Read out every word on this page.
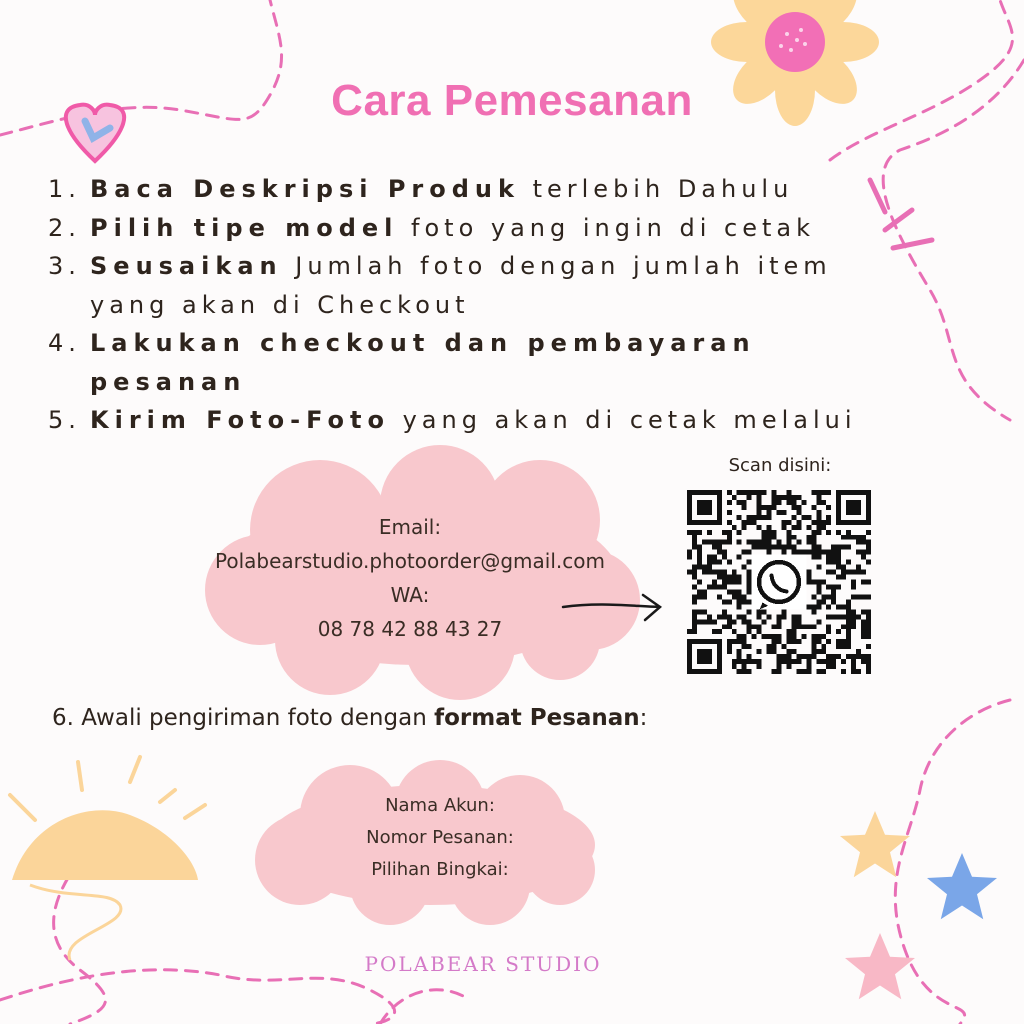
Cara Pemesanan
1. Baca Deskripsi Produk terlebih Dahulu
2. Pilih tipe model foto yang ingin di cetak
3. Seusaikan Jumlah foto dengan jumlah item yang akan di Checkout
4. Lakukan checkout dan pembayaran pesanan
5. Kirim Foto-Foto yang akan di cetak melalui
Email:
Polabearstudio.photoorder@gmail.com
WA:
08 78 42 88 43 27
Scan disini:

6. Awali pengiriman foto dengan format Pesanan:

Nama Akun:
Nomor Pesanan:
Pilihan Bingkai:
POLABEAR STUDIO
